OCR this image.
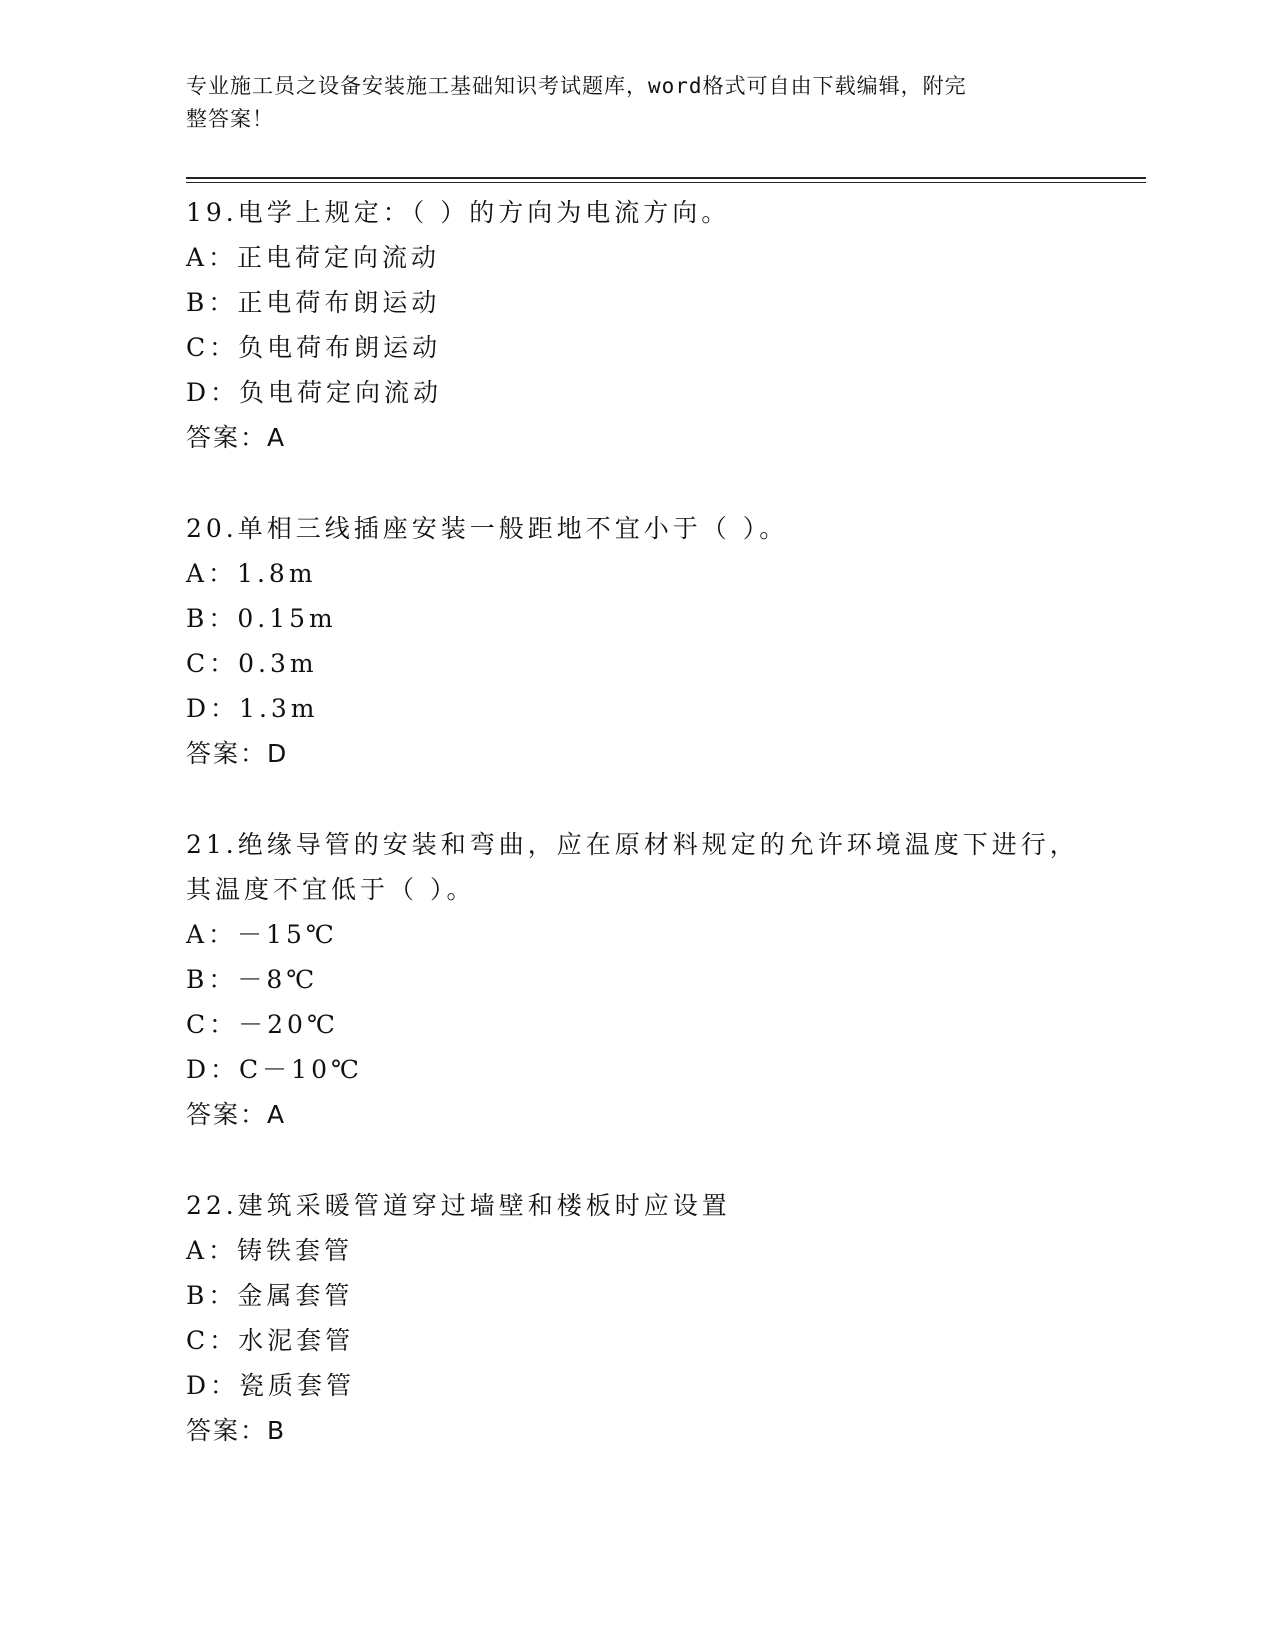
专业施工员之设备安装施工基础知识考试题库，word格式可自由下载编辑，附完
整答案！
19.电学上规定：（ ）的方向为电流方向。
A：正电荷定向流动
B：正电荷布朗运动
C：负电荷布朗运动
D：负电荷定向流动
答案：A
20.单相三线插座安装一般距地不宜小于（ ）。
A：1.8m
B：0.15m
C：0.3m
D：1.3m
答案：D
21.绝缘导管的安装和弯曲，应在原材料规定的允许环境温度下进行，
其温度不宜低于（ ）。
A：－15℃
B：－8℃
C：－20℃
D：C－10℃
答案：A
22.建筑采暖管道穿过墙壁和楼板时应设置
A：铸铁套管
B：金属套管
C：水泥套管
D：瓷质套管
答案：B
